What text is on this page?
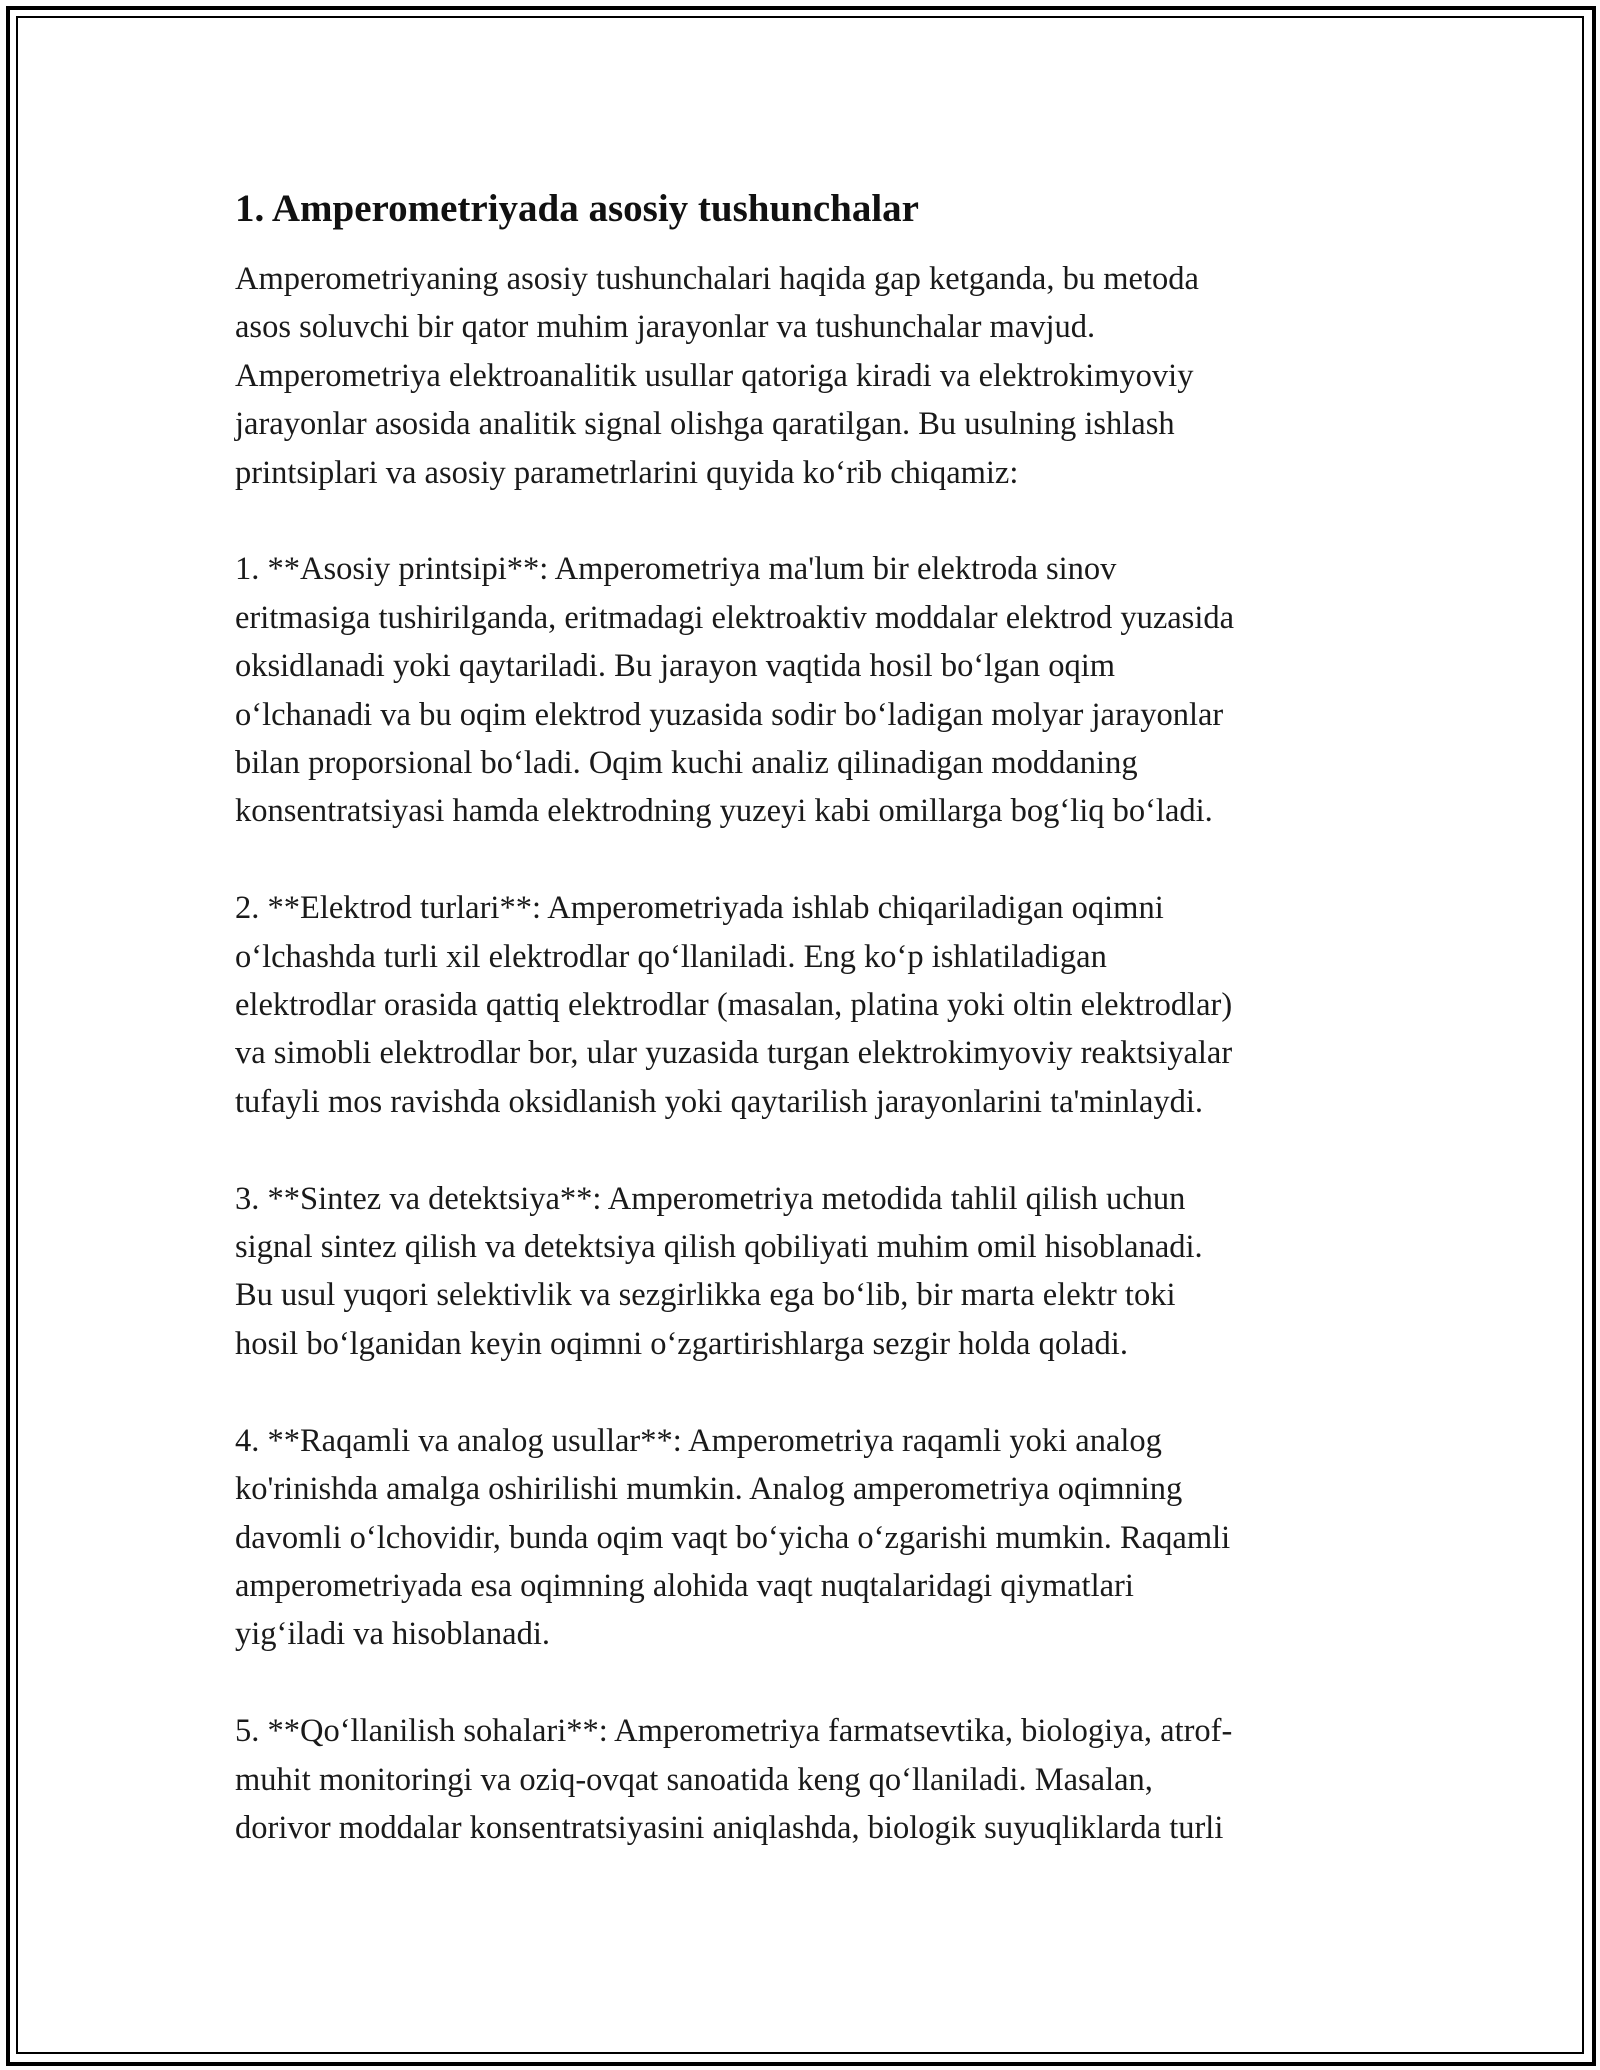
1. Amperometriyada asosiy tushunchalar

Amperometriyaning asosiy tushunchalari haqida gap ketganda, bu metoda
asos soluvchi bir qator muhim jarayonlar va tushunchalar mavjud.
Amperometriya elektroanalitik usullar qatoriga kiradi va elektrokimyoviy
jarayonlar asosida analitik signal olishga qaratilgan. Bu usulning ishlash
printsiplari va asosiy parametrlarini quyida ko‘rib chiqamiz:

1. **Asosiy printsipi**: Amperometriya ma'lum bir elektroda sinov
eritmasiga tushirilganda, eritmadagi elektroaktiv moddalar elektrod yuzasida
oksidlanadi yoki qaytariladi. Bu jarayon vaqtida hosil bo‘lgan oqim
o‘lchanadi va bu oqim elektrod yuzasida sodir bo‘ladigan molyar jarayonlar
bilan proporsional bo‘ladi. Oqim kuchi analiz qilinadigan moddaning
konsentratsiyasi hamda elektrodning yuzeyi kabi omillarga bog‘liq bo‘ladi.

2. **Elektrod turlari**: Amperometriyada ishlab chiqariladigan oqimni
o‘lchashda turli xil elektrodlar qo‘llaniladi. Eng ko‘p ishlatiladigan
elektrodlar orasida qattiq elektrodlar (masalan, platina yoki oltin elektrodlar)
va simobli elektrodlar bor, ular yuzasida turgan elektrokimyoviy reaktsiyalar
tufayli mos ravishda oksidlanish yoki qaytarilish jarayonlarini ta'minlaydi.

3. **Sintez va detektsiya**: Amperometriya metodida tahlil qilish uchun
signal sintez qilish va detektsiya qilish qobiliyati muhim omil hisoblanadi.
Bu usul yuqori selektivlik va sezgirlikka ega bo‘lib, bir marta elektr toki
hosil bo‘lganidan keyin oqimni o‘zgartirishlarga sezgir holda qoladi.

4. **Raqamli va analog usullar**: Amperometriya raqamli yoki analog
ko'rinishda amalga oshirilishi mumkin. Analog amperometriya oqimning
davomli o‘lchovidir, bunda oqim vaqt bo‘yicha o‘zgarishi mumkin. Raqamli
amperometriyada esa oqimning alohida vaqt nuqtalaridagi qiymatlari
yig‘iladi va hisoblanadi.

5. **Qo‘llanilish sohalari**: Amperometriya farmatsevtika, biologiya, atrof-
muhit monitoringi va oziq-ovqat sanoatida keng qo‘llaniladi. Masalan,
dorivor moddalar konsentratsiyasini aniqlashda, biologik suyuqliklarda turli
